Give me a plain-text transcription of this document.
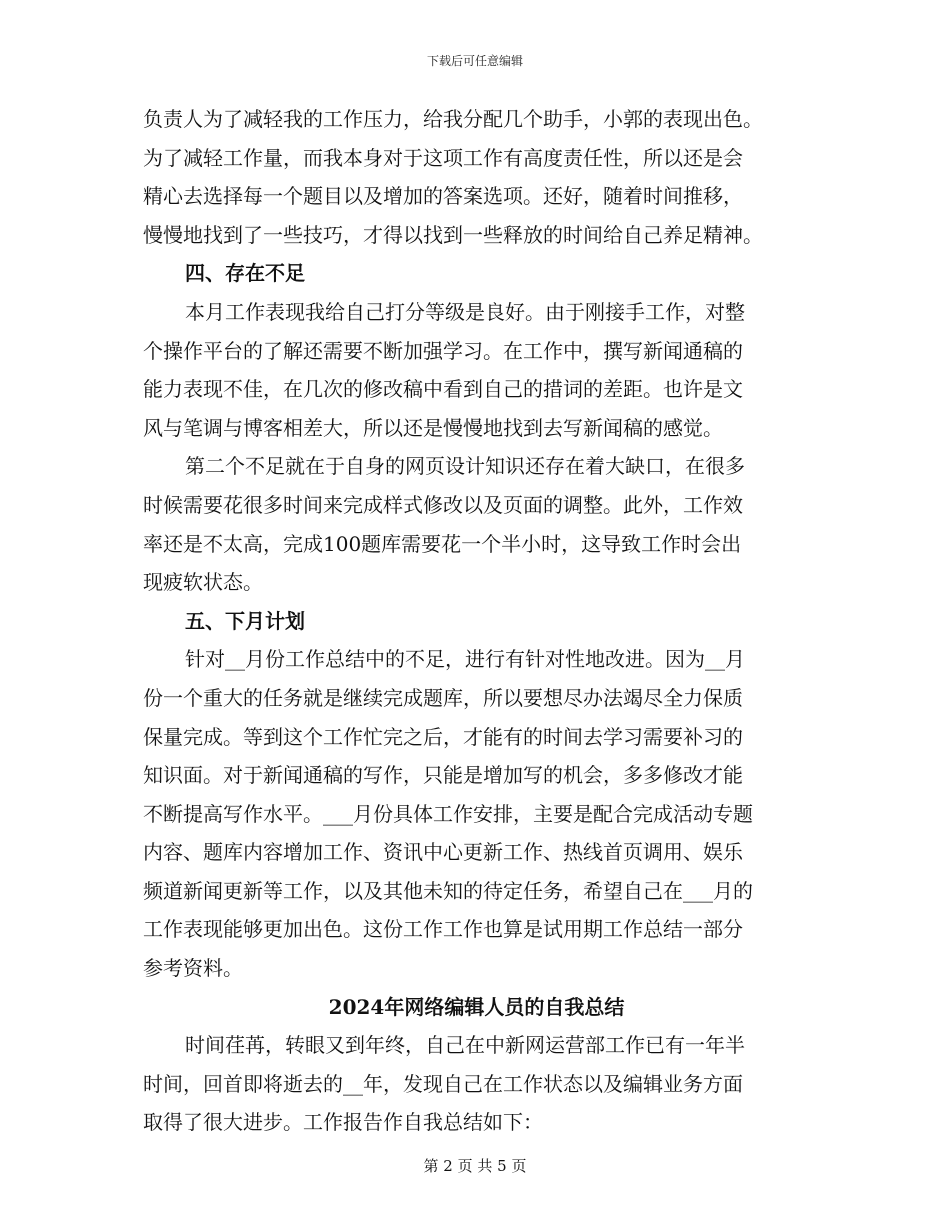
下载后可任意编辑
负责人为了减轻我的工作压力，给我分配几个助手，小郭的表现出色。
为了减轻工作量，而我本身对于这项工作有高度责任性，所以还是会
精心去选择每一个题目以及增加的答案选项。还好，随着时间推移，
慢慢地找到了一些技巧，才得以找到一些释放的时间给自己养足精神。
四、存在不足
本月工作表现我给自己打分等级是良好。由于刚接手工作，对整
个操作平台的了解还需要不断加强学习。在工作中，撰写新闻通稿的
能力表现不佳，在几次的修改稿中看到自己的措词的差距。也许是文
风与笔调与博客相差大，所以还是慢慢地找到去写新闻稿的感觉。
第二个不足就在于自身的网页设计知识还存在着大缺口，在很多
时候需要花很多时间来完成样式修改以及页面的调整。此外，工作效
率还是不太高，完成100题库需要花一个半小时，这导致工作时会出
现疲软状态。
五、下月计划
针对__月份工作总结中的不足，进行有针对性地改进。因为__月
份一个重大的任务就是继续完成题库，所以要想尽办法竭尽全力保质
保量完成。等到这个工作忙完之后，才能有的时间去学习需要补习的
知识面。对于新闻通稿的写作，只能是增加写的机会，多多修改才能
不断提高写作水平。___月份具体工作安排，主要是配合完成活动专题
内容、题库内容增加工作、资讯中心更新工作、热线首页调用、娱乐
频道新闻更新等工作，以及其他未知的待定任务，希望自己在___月的
工作表现能够更加出色。这份工作工作也算是试用期工作总结一部分
参考资料。
2024年网络编辑人员的自我总结
时间荏苒，转眼又到年终，自己在中新网运营部工作已有一年半
时间，回首即将逝去的__年，发现自己在工作状态以及编辑业务方面
取得了很大进步。工作报告作自我总结如下：
第 2 页 共 5 页
